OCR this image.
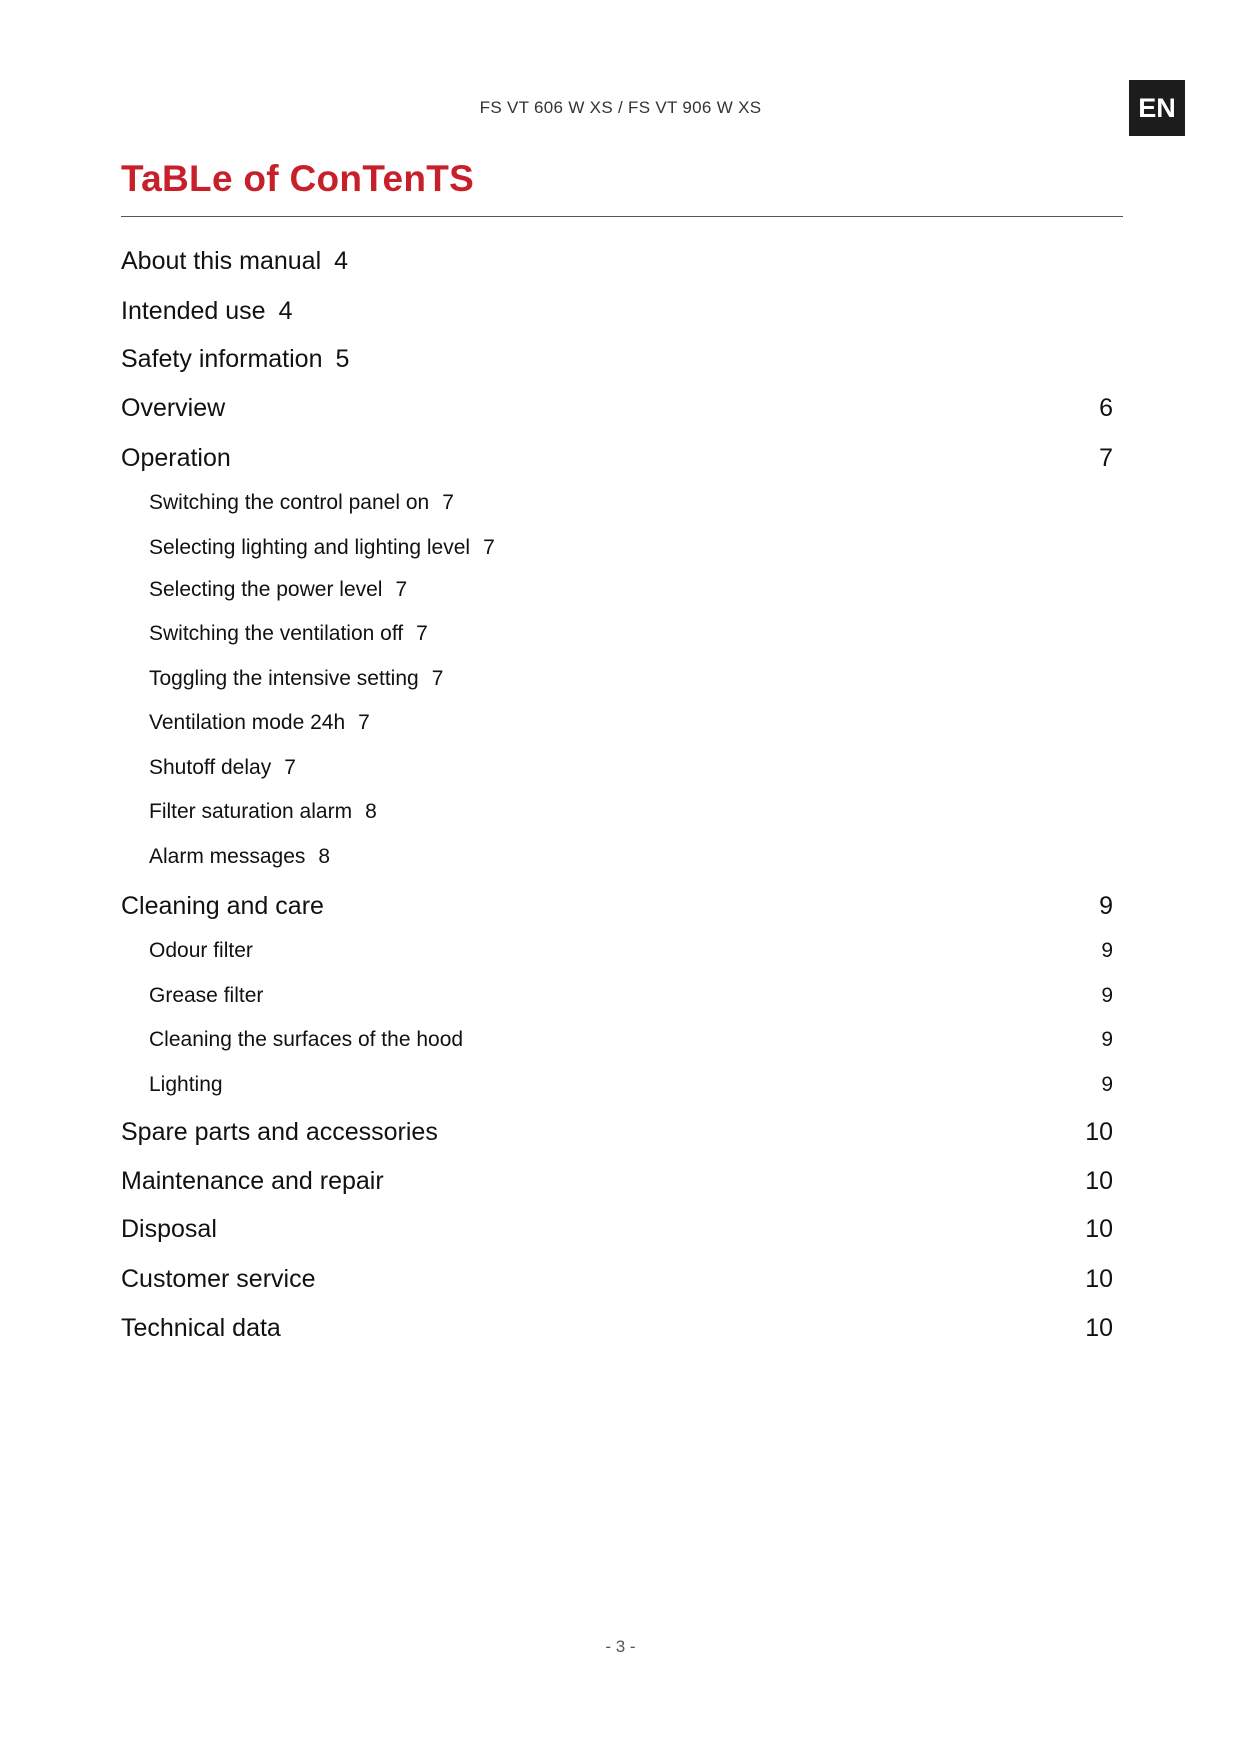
FS VT 606 W XS / FS VT 906 W XS	EN
TaBLe of ConTenTS
About this manual 4
Intended use 4
Safety information 5
Overview	6
Operation	7
Switching the control panel on 7
Selecting lighting and lighting level 7
Selecting the power level 7
Switching the ventilation off 7
Toggling the intensive setting 7
Ventilation mode 24h 7
Shutoff delay 7
Filter saturation alarm 8
Alarm messages 8
Cleaning and care	9
Odour filter	9
Grease filter	9
Cleaning the surfaces of the hood	9
Lighting	9
Spare parts and accessories	10
Maintenance and repair	10
Disposal	10
Customer service	10
Technical data	10
- 3 -
